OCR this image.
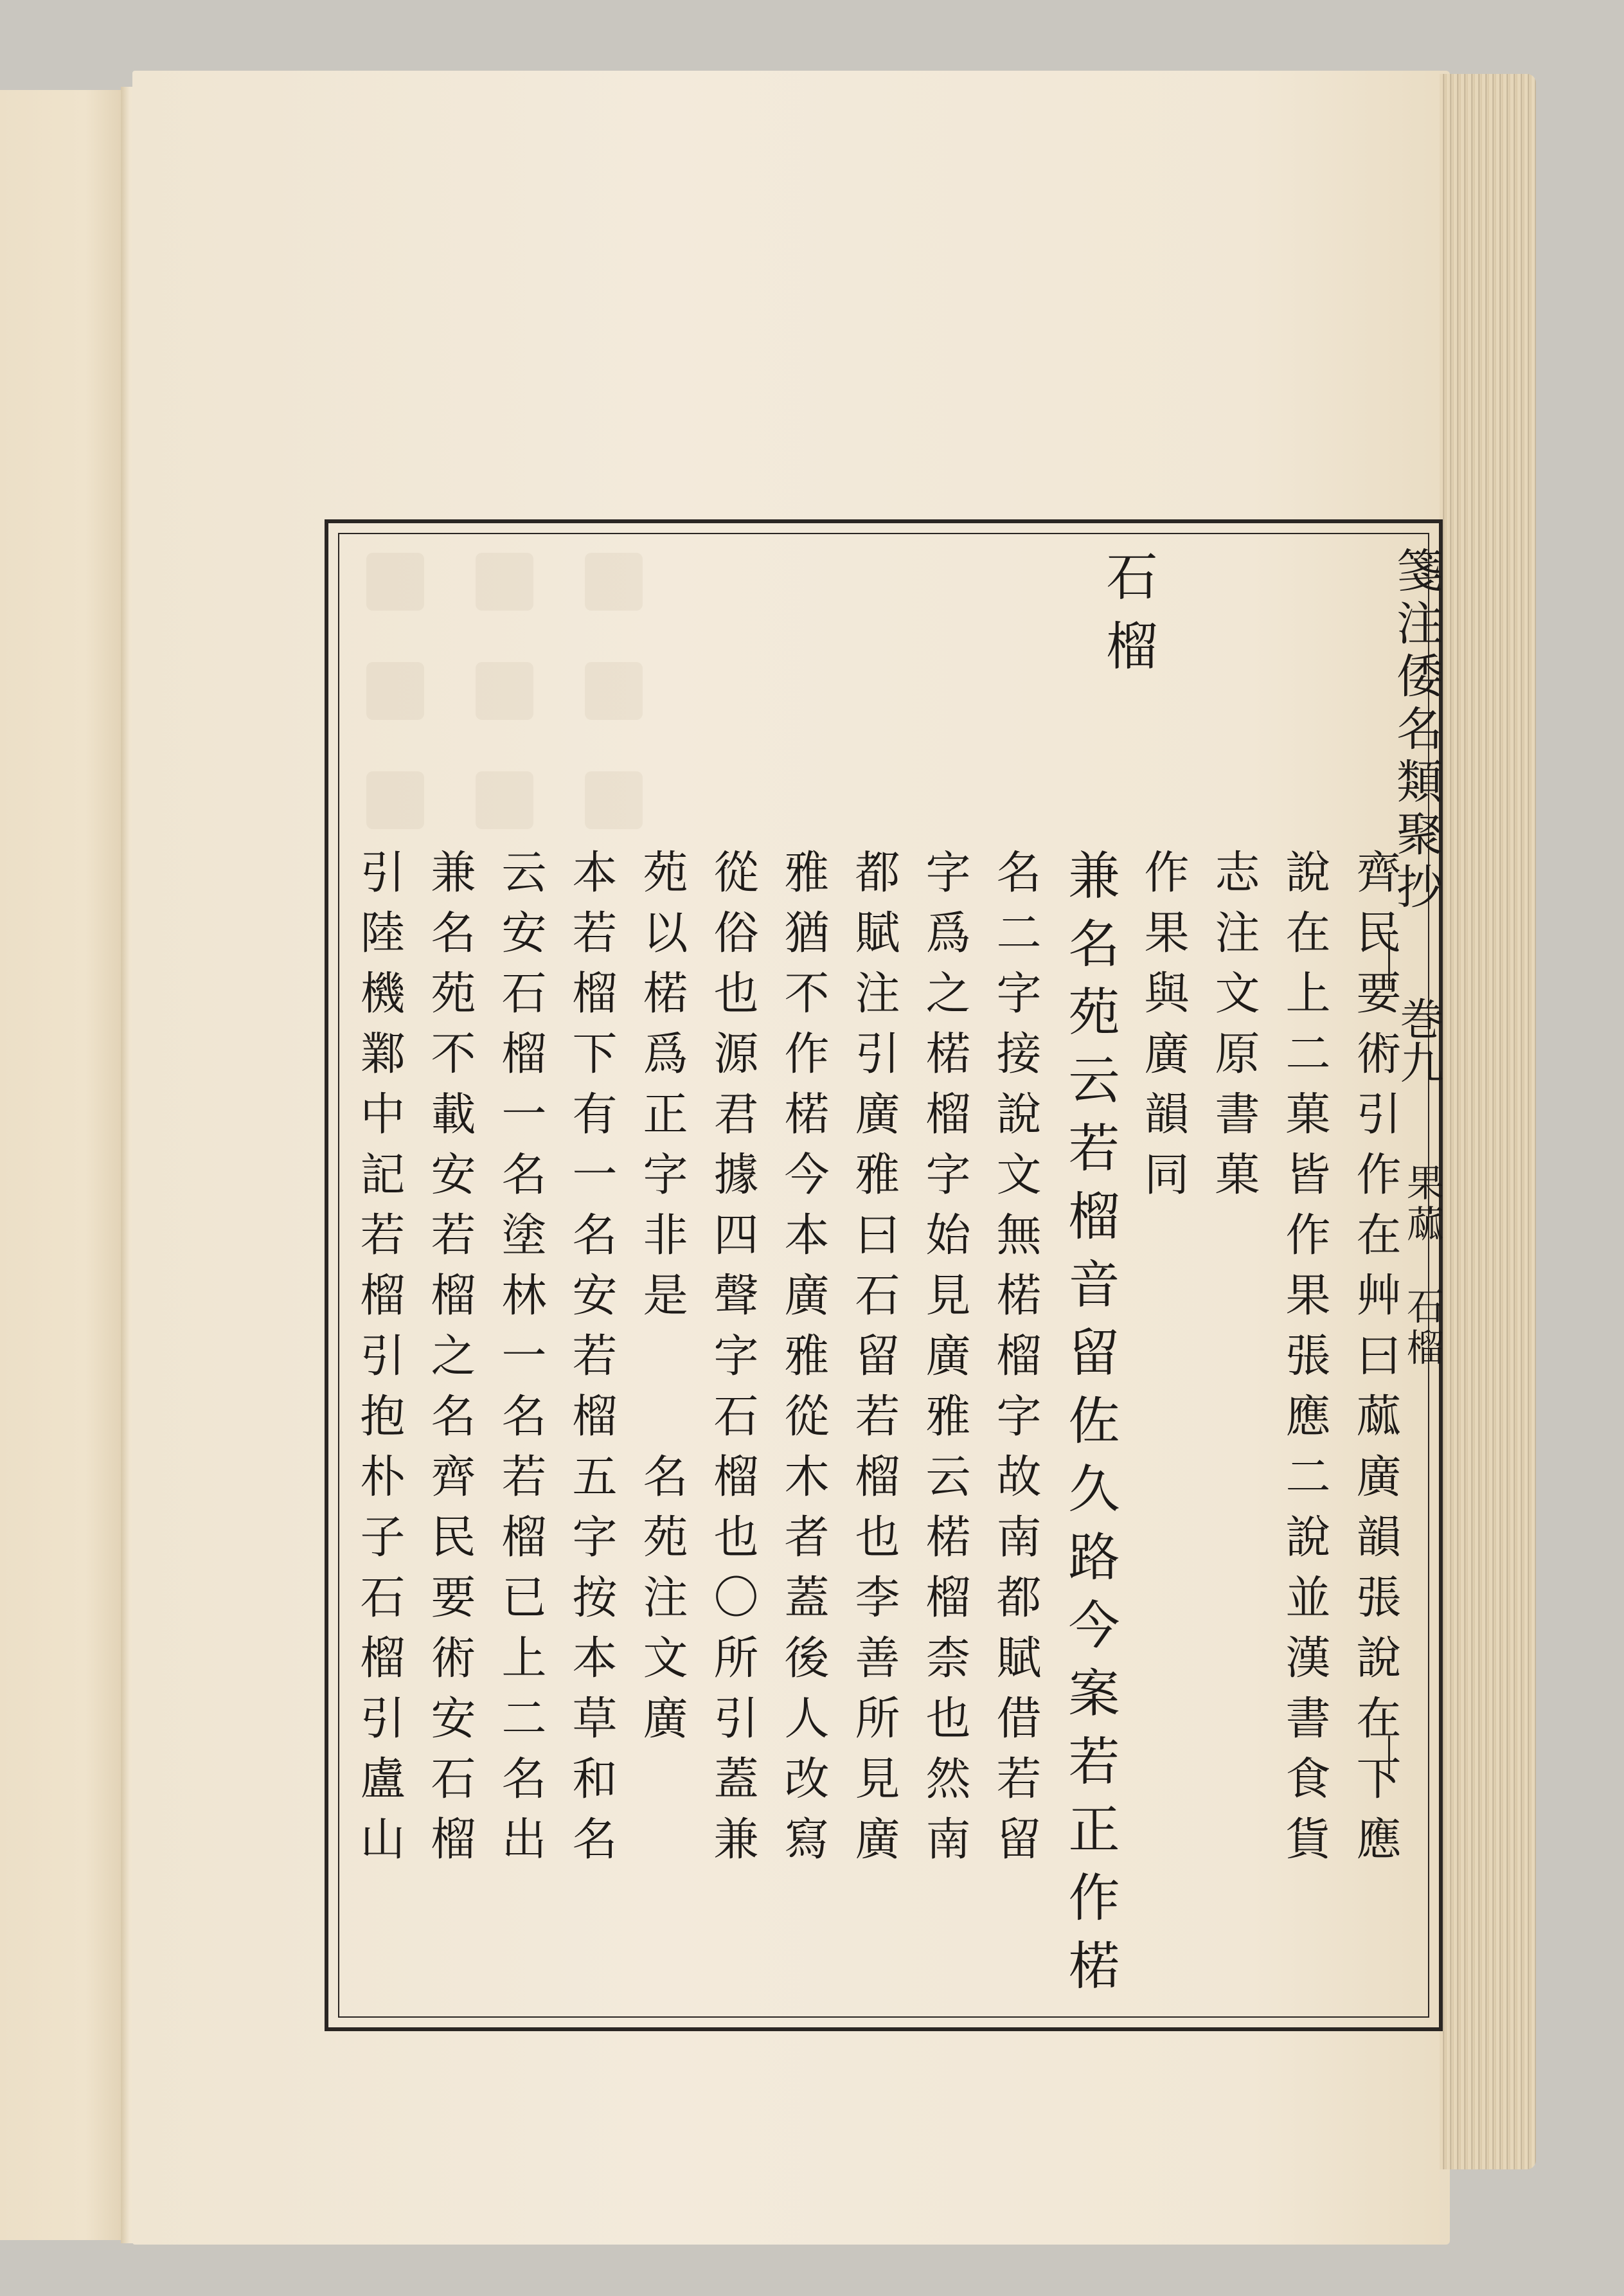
箋注倭名類聚抄
巻九
果蓏　石榴
石榴
齊民要術引作在艸曰蓏廣韻張說在下應
說在上二菓皆作果張應二說並漢書食貨
志注文原書菓
作果與廣韻同
兼名苑云若榴音留佐久路今案若正作楉
名二字接說文無楉榴字故南都賦借若留
字爲之楉榴字始見廣雅云楉榴柰也然南
都賦注引廣雅曰石留若榴也李善所見廣
雅猶不作楉今本廣雅從木者蓋後人改寫
從俗也源君據四聲字石榴也〇所引蓋兼
苑以楉爲正字非是　　名苑注文廣
本若榴下有一名安若榴五字按本草和名
云安石榴一名塗林一名若榴已上二名出
兼名苑不載安若榴之名齊民要術安石榴
引陸機鄴中記若榴引抱朴子石榴引盧山
